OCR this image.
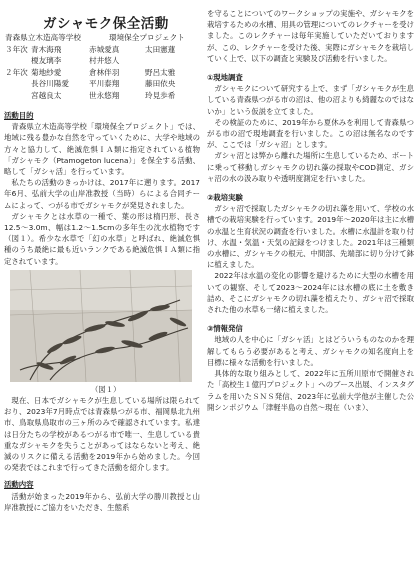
ガシャモク保全活動
青森県立木造高等学校	環境保全プロジェクト
３年次 青木海飛	赤城愛真	太田憲蓮
榎友璃李	村井悠人
２年次 菊地紗愛	倉林伴羽	野呂太雅
長谷川陽愛	平川泰翔	藤田依央
宮越良太	世永悠翔	玲見歩希
活動目的

青森県立木造高等学校「環境保全プロジェクト」では、地域に残る豊かな自然を守っていくために、大学や地域の方々と協力して、絶滅危惧ＩＡ類に指定されている植物「ガシャモク（Ptamogeton lucena）」を保全する活動、略して「ガシャ活」を行っています。

私たちの活動のきっかけは、2017年に遡ります。2017年6月、弘前大学の山岸准教授（当時）らによる合同チームによって、つがる市でガシャモクが発見されました。

ガシャモクとは水草の一種で、葉の形は楕円形、長さ12.5〜3.0m、幅は1.2〜1.5cmの多年生の沈水植物です（図１）。希少な水草で「幻の水草」と呼ばれ、絶滅危惧種のうち最絶に最も近いランクである絶滅危惧ＩＡ類に指定されています。

（図１）

現在、日本でガシャモクが生息している場所は限られており、2023年7月時点では青森県つがる市、福岡県北九州市、鳥取県鳥取市の三ヶ所のみで確認されています。私達は日分たちの学校があるつがる市で唯一、生息している貴重なガシャモクを失うことがあってはならないと考え、絶滅のリスクに備える活動を2019年から始めました。今回の発表ではこれまで行ってきた活動を紹介します。

活動内容

活動が始まった2019年から、弘前大学の勝川教授と山岸准教授にご協力をいただき、生態系

を守ることについてのワークショップの実施や、ガシャモクを栽培するための水槽、用具の管理についてのレクチャーを受けました。このレクチャーは毎年実施していただいておりますが、この、レクチャーを受けた後、実際にガシャモクを栽培していく上で、以下の調査と実験及び活動を行いました。

①現地調査

ガシャモクについて研究する上で、まず「ガシャモクが生息している青森県つがる市の沼は、他の沼よりも綺麗なのではないか」という仮説を立てました。

その検証のために、2019年から夏休みを利用して青森県つがる市の沼で現地調査を行いました。この沼は無名なのですが、ここでは「ガシャ沼」とします。

ガシャ沼とは弊から離れた場所に生息しているため、ボートに乗って移動しガシャモクの切れ藻の採取やCOD測定、ガシャ沼の水の汲み取りや透明度測定を行いました。

②栽培実験

ガシャ沼で採取したガシャモクの切れ藻を用いて、学校の水槽での栽培実験を行っています。2019年〜2020年は主に水槽の水温と生育状況の調査を行いました。水槽に水温計を取り付け、水温・気温・天気の記録をつけました。2021年は三種類の水槽に、ガシャモクの根元、中間部、先端部に切り分けて鉢に植えました。

2022年は水温の変化の影響を避けるために大型の水槽を用いての観察、そして2023〜2024年には水槽の底に土を敷き詰め、そこにガシャモクの切れ藻を植えたり、ガシャ沼で採取された他の水草も一緒に植えました。

③情報発信

地域の人を中心に「ガシャ活」とはどういうものなのかを理解してもらう必要があると考え、ガシャモクの知名度向上を目標に様々な活動を行いました。

具体的な取り組みとして、2022年に五所川原市で開催された「高校生１億円プロジェクト」へのブース出展、インスタグラムを用いたＳＮＳ発信、2023年に弘前大学他が主催した公開シンポジウム「津軽半島の自然〜現在（いま）、
